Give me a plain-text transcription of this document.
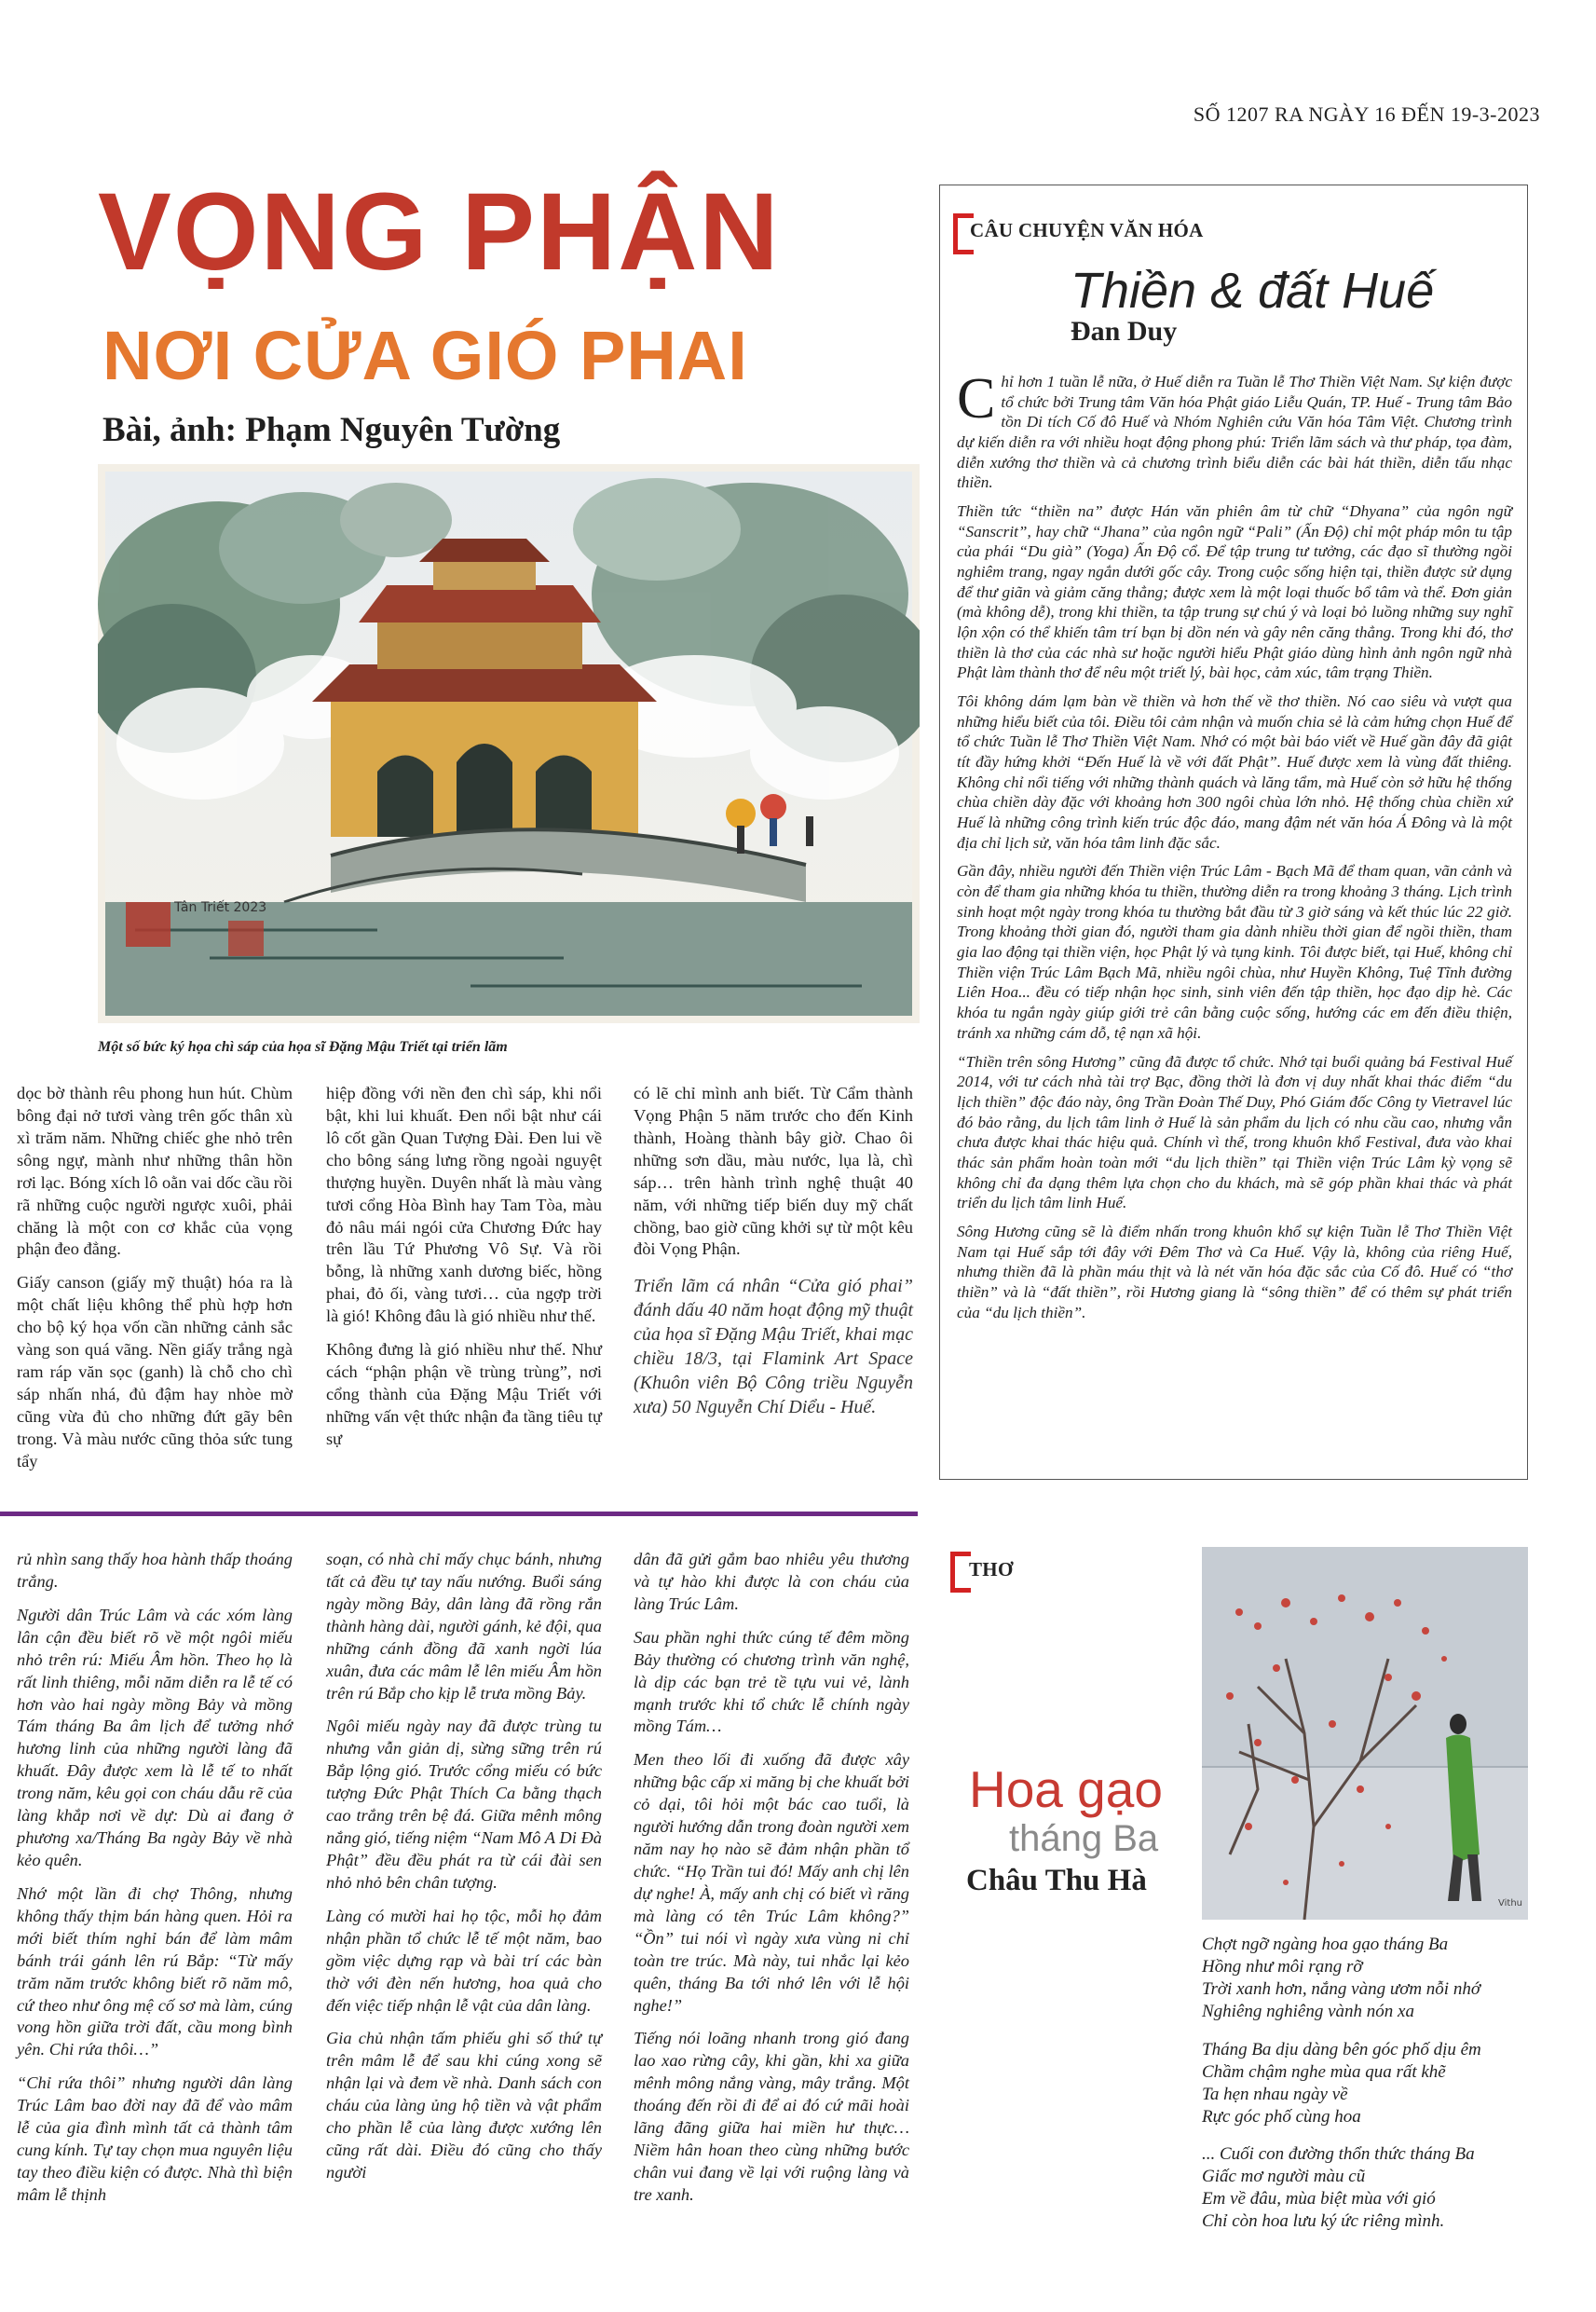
SỐ 1207 RA NGÀY 16 ĐẾN 19-3-2023
VỌNG PHẬN
NƠI CỬA GIÓ PHAI
Bài, ảnh: Phạm Nguyên Tường
Tân Triết 2023
Một số bức ký họa chì sáp của họa sĩ Đặng Mậu Triết tại triển lãm

dọc bờ thành rêu phong hun hút. Chùm bông đại nở tươi vàng trên gốc thân xù xì trăm năm. Những chiếc ghe nhỏ trên sông ngự, mành như những thân hồn rơi lạc. Bóng xích lô oằn vai dốc cầu rồi rã những cuộc người ngược xuôi, phải chăng là một con cơ khắc của vọng phận đeo đẳng.

Giấy canson (giấy mỹ thuật) hóa ra là một chất liệu không thể phù hợp hơn cho bộ ký họa vốn cần những cảnh sắc vàng son quá vãng. Nền giấy trắng ngà ram ráp văn sọc (ganh) là chỗ cho chì sáp nhấn nhá, đủ đậm hay nhòe mờ cũng vừa đủ cho những đứt gãy bên trong. Và màu nước cũng thỏa sức tung tẩy

hiệp đồng với nền đen chì sáp, khi nổi bật, khi lui khuất. Đen nổi bật như cái lô cốt gần Quan Tượng Đài. Đen lui về cho bông sáng lưng rồng ngoài nguyệt thượng huyền. Duyên nhất là màu vàng tươi cổng Hòa Bình hay Tam Tòa, màu đỏ nâu mái ngói cửa Chương Đức hay trên lầu Tứ Phương Vô Sự. Và rồi bỗng, là những xanh dương biếc, hồng phai, đỏ ối, vàng tươi… của ngợp trời là gió! Không đâu là gió nhiều như thế.

Không đưng là gió nhiều như thế. Như cách “phận phận về trùng trùng”, nơi cổng thành của Đặng Mậu Triết với những vấn vệt thức nhận đa tầng tiêu tự sự

có lẽ chỉ mình anh biết. Từ Cẩm thành Vọng Phận 5 năm trước cho đến Kinh thành, Hoàng thành bây giờ. Chao ôi những sơn dầu, màu nước, lụa là, chì sáp… trên hành trình nghệ thuật 40 năm, với những tiếp biến duy mỹ chất chồng, bao giờ cũng khởi sự từ một kêu đòi Vọng Phận.

Triển lãm cá nhân “Cửa gió phai” đánh dấu 40 năm hoạt động mỹ thuật của họa sĩ Đặng Mậu Triết, khai mạc chiều 18/3, tại Flamink Art Space (Khuôn viên Bộ Công triều Nguyễn xưa) 50 Nguyễn Chí Diểu - Huế.

rủ nhìn sang thấy hoa hành thấp thoáng trắng.

Người dân Trúc Lâm và các xóm làng lân cận đều biết rõ về một ngôi miếu nhỏ trên rú: Miếu Âm hồn. Theo họ là rất linh thiêng, mỗi năm diễn ra lễ tế có hơn vào hai ngày mồng Bảy và mồng Tám tháng Ba âm lịch để tưởng nhớ hương linh của những người làng đã khuất. Đây được xem là lễ tế to nhất trong năm, kêu gọi con cháu dẫu rẽ của làng khắp nơi về dự: Dù ai đang ở phương xa/Tháng Ba ngày Bảy về nhà kẻo quên.

Nhớ một lần đi chợ Thông, nhưng không thấy thịm bán hàng quen. Hỏi ra mới biết thím nghỉ bán để làm mâm bánh trái gánh lên rú Bắp: “Từ mấy trăm năm trước không biết rõ năm mô, cứ theo như ông mệ cố sơ mà làm, cúng vong hồn giữa trời đất, cầu mong bình yên. Chi rứa thôi…”

“Chỉ rứa thôi” nhưng người dân làng Trúc Lâm bao đời nay đã để vào mâm lễ của gia đình mình tất cả thành tâm cung kính. Tự tay chọn mua nguyên liệu tay theo điều kiện có được. Nhà thì biện mâm lễ thịnh

soạn, có nhà chỉ mấy chục bánh, nhưng tất cả đều tự tay nấu nướng. Buổi sáng ngày mồng Bảy, dân làng đã rồng rắn thành hàng dài, người gánh, kẻ đội, qua những cánh đồng đã xanh ngời lúa xuân, đưa các mâm lễ lên miếu Âm hồn trên rú Bắp cho kịp lễ trưa mồng Bảy.

Ngôi miếu ngày nay đã được trùng tu nhưng vẫn giản dị, sừng sững trên rú Bắp lộng gió. Trước cổng miếu có bức tượng Đức Phật Thích Ca bằng thạch cao trắng trên bệ đá. Giữa mênh mông nắng gió, tiếng niệm “Nam Mô A Di Đà Phật” đều đều phát ra từ cái đài sen nhỏ nhỏ bên chân tượng.

Làng có mười hai họ tộc, mỗi họ đảm nhận phần tổ chức lễ tế một năm, bao gồm việc dựng rạp và bài trí các bàn thờ với đèn nến hương, hoa quả cho đến việc tiếp nhận lễ vật của dân làng.

Gia chủ nhận tấm phiếu ghi số thứ tự trên mâm lễ để sau khi cúng xong sẽ nhận lại và đem về nhà. Danh sách con cháu của làng ủng hộ tiền và vật phẩm cho phần lễ của làng được xướng lên cũng rất dài. Điều đó cũng cho thấy người

dân đã gửi gắm bao nhiêu yêu thương và tự hào khi được là con cháu của làng Trúc Lâm.

Sau phần nghi thức cúng tế đêm mồng Bảy thường có chương trình văn nghệ, là dịp các bạn trẻ tề tựu vui vẻ, lành mạnh trước khi tổ chức lễ chính ngày mồng Tám…

Men theo lối đi xuống đã được xây những bậc cấp xi măng bị che khuất bởi cỏ dại, tôi hỏi một bác cao tuổi, là người hướng dẫn trong đoàn người xem năm nay họ nào sẽ đảm nhận phần tổ chức. “Họ Trần tui đó! Mấy anh chị lên dự nghe! À, mấy anh chị có biết vì răng mà làng có tên Trúc Lâm không?” “Ồn” tui nói vì ngày xưa vùng ni chỉ toàn tre trúc. Mà này, tui nhắc lại kẻo quên, tháng Ba tới nhớ lên với lễ hội nghe!”

Tiếng nói loãng nhanh trong gió đang lao xao rừng cây, khi gần, khi xa giữa mênh mông nắng vàng, mây trắng. Một thoáng đến rồi đi để ai đó cứ mãi hoài lãng đãng giữa hai miền hư thực… Niềm hân hoan theo cùng những bước chân vui đang về lại với ruộng làng và tre xanh.

CÂU CHUYỆN VĂN HÓA
Thiền & đất Huế
Đan Duy

Chỉ hơn 1 tuần lễ nữa, ở Huế diễn ra Tuần lễ Thơ Thiền Việt Nam. Sự kiện được tổ chức bởi Trung tâm Văn hóa Phật giáo Liễu Quán, TP. Huế - Trung tâm Bảo tồn Di tích Cố đô Huế và Nhóm Nghiên cứu Văn hóa Tâm Việt. Chương trình dự kiến diễn ra với nhiều hoạt động phong phú: Triển lãm sách và thư pháp, tọa đàm, diễn xướng thơ thiền và cả chương trình biểu diễn các bài hát thiền, diễn tấu nhạc thiền.

Thiền tức “thiền na” được Hán văn phiên âm từ chữ “Dhyana” của ngôn ngữ “Sanscrit”, hay chữ “Jhana” của ngôn ngữ “Pali” (Ấn Độ) chỉ một pháp môn tu tập của phái “Du già” (Yoga) Ấn Độ cổ. Để tập trung tư tưởng, các đạo sĩ thường ngồi nghiêm trang, ngay ngắn dưới gốc cây. Trong cuộc sống hiện tại, thiền được sử dụng để thư giãn và giảm căng thẳng; được xem là một loại thuốc bổ tâm và thể. Đơn giản (mà không dễ), trong khi thiền, ta tập trung sự chú ý và loại bỏ luồng những suy nghĩ lộn xộn có thể khiến tâm trí bạn bị dồn nén và gây nên căng thẳng. Trong khi đó, thơ thiền là thơ của các nhà sư hoặc người hiểu Phật giáo dùng hình ảnh ngôn ngữ nhà Phật làm thành thơ để nêu một triết lý, bài học, cảm xúc, tâm trạng Thiền.

Tôi không dám lạm bàn về thiền và hơn thế về thơ thiền. Nó cao siêu và vượt qua những hiểu biết của tôi. Điều tôi cảm nhận và muốn chia sẻ là cảm hứng chọn Huế để tổ chức Tuần lễ Thơ Thiền Việt Nam. Nhớ có một bài báo viết về Huế gần đây đã giật tít đầy hứng khởi “Đến Huế là về với đất Phật”. Huế được xem là vùng đất thiêng. Không chỉ nổi tiếng với những thành quách và lăng tẩm, mà Huế còn sở hữu hệ thống chùa chiền dày đặc với khoảng hơn 300 ngôi chùa lớn nhỏ. Hệ thống chùa chiền xứ Huế là những công trình kiến trúc độc đáo, mang đậm nét văn hóa Á Đông và là một địa chỉ lịch sử, văn hóa tâm linh đặc sắc.

Gần đây, nhiều người đến Thiền viện Trúc Lâm - Bạch Mã để tham quan, vãn cảnh và còn để tham gia những khóa tu thiền, thường diễn ra trong khoảng 3 tháng. Lịch trình sinh hoạt một ngày trong khóa tu thường bắt đầu từ 3 giờ sáng và kết thúc lúc 22 giờ. Trong khoảng thời gian đó, người tham gia dành nhiều thời gian để ngồi thiền, tham gia lao động tại thiền viện, học Phật lý và tụng kinh. Tôi được biết, tại Huế, không chỉ Thiền viện Trúc Lâm Bạch Mã, nhiều ngôi chùa, như Huyền Không, Tuệ Tĩnh đường Liên Hoa... đều có tiếp nhận học sinh, sinh viên đến tập thiền, học đạo dịp hè. Các khóa tu ngắn ngày giúp giới trẻ cân bằng cuộc sống, hướng các em đến điều thiện, tránh xa những cám dỗ, tệ nạn xã hội.

“Thiền trên sông Hương” cũng đã được tổ chức. Nhớ tại buổi quảng bá Festival Huế 2014, với tư cách nhà tài trợ Bạc, đồng thời là đơn vị duy nhất khai thác điểm “du lịch thiền” độc đáo này, ông Trần Đoàn Thế Duy, Phó Giám đốc Công ty Vietravel lúc đó bảo rằng, du lịch tâm linh ở Huế là sản phẩm du lịch có nhu cầu cao, nhưng vẫn chưa được khai thác hiệu quả. Chính vì thế, trong khuôn khổ Festival, đưa vào khai thác sản phẩm hoàn toàn mới “du lịch thiền” tại Thiền viện Trúc Lâm kỳ vọng sẽ không chỉ đa dạng thêm lựa chọn cho du khách, mà sẽ góp phần khai thác và phát triển du lịch tâm linh Huế.

Sông Hương cũng sẽ là điểm nhấn trong khuôn khổ sự kiện Tuần lễ Thơ Thiền Việt Nam tại Huế sắp tới đây với Đêm Thơ và Ca Huế. Vậy là, không của riêng Huế, nhưng thiền đã là phần máu thịt và là nét văn hóa đặc sắc của Cố đô. Huế có “thơ thiền” và là “đất thiền”, rồi Hương giang là “sông thiền” để có thêm sự phát triển của “du lịch thiền”.

THƠ
Vithu
Hoa gạo
tháng Ba
Châu Thu Hà
Chợt ngỡ ngàng hoa gạo tháng Ba
Hồng như môi rạng rỡ
Trời xanh hơn, nắng vàng ươm nỗi nhớ
Nghiêng nghiêng vành nón xa
Tháng Ba dịu dàng bên góc phố dịu êm
Chầm chậm nghe mùa qua rất khẽ
Ta hẹn nhau ngày về
Rực góc phố cùng hoa
... Cuối con đường thổn thức tháng Ba
Giấc mơ người màu cũ
Em về đâu, mùa biệt mùa với gió
Chỉ còn hoa lưu ký ức riêng mình.
